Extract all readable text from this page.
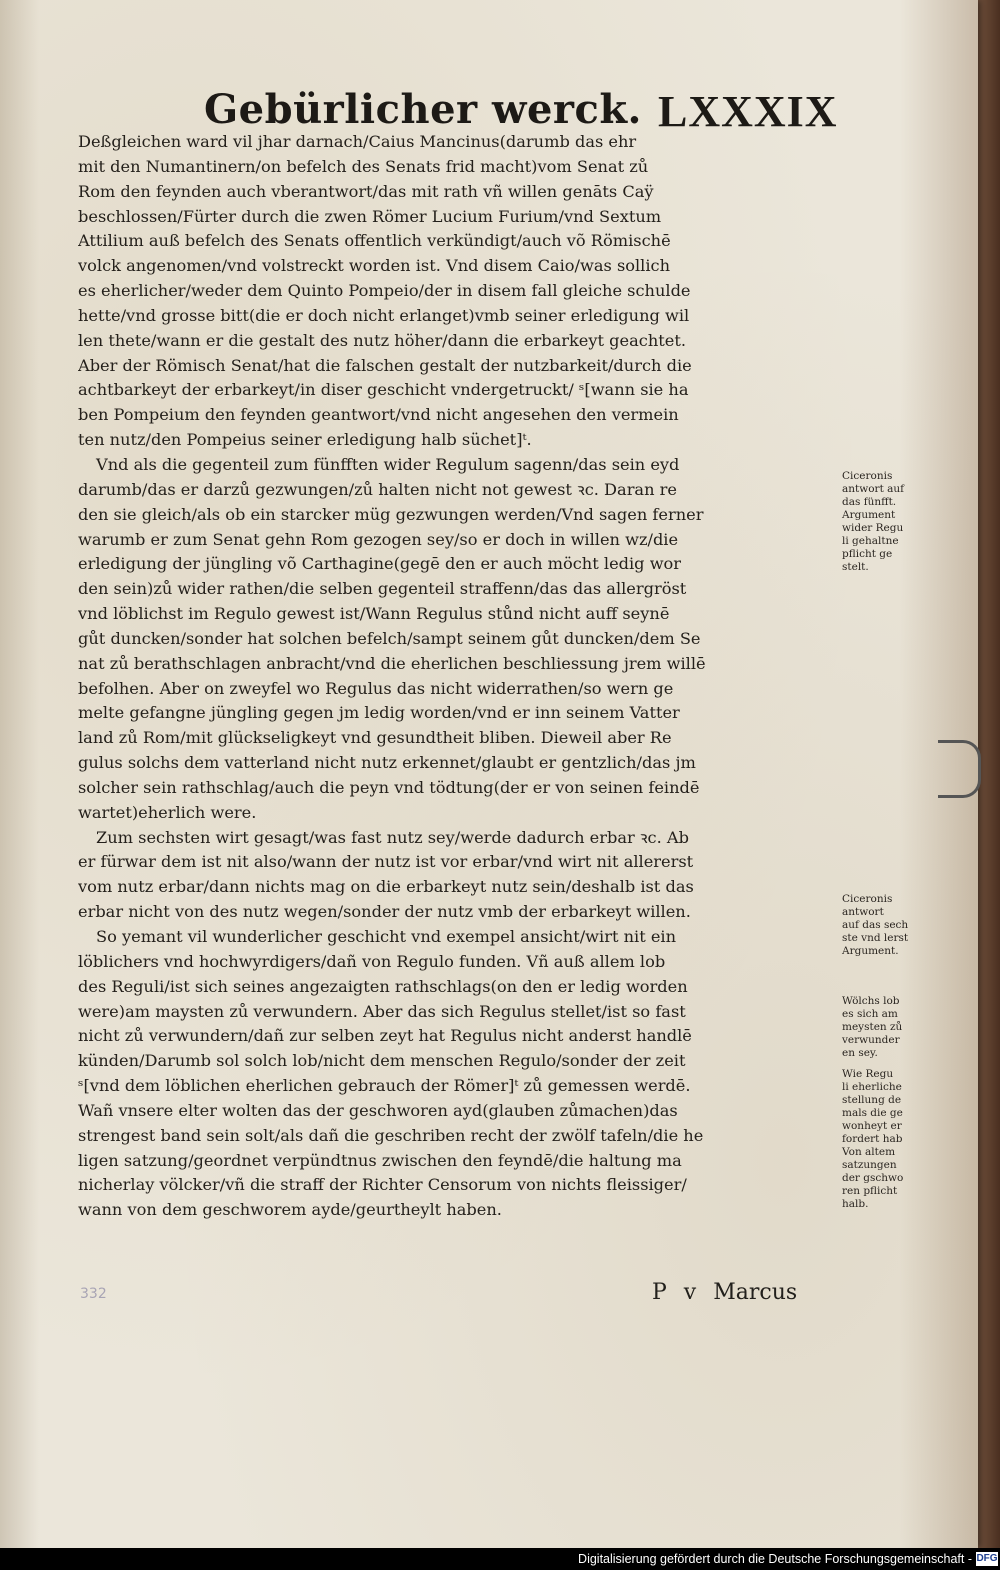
Gebürlicher werck. LXXXIX
Deßgleichen ward vil jhar darnach/Caius Mancinus(darumb das ehr
mit den Numantinern/on befelch des Senats frid macht)vom Senat zů
Rom den feynden auch vberantwort/das mit rath vñ willen genāts Caÿ
beschlossen/Fürter durch die zwen Römer Lucium Furium/vnd Sextum
Attilium auß befelch des Senats offentlich verkündigt/auch võ Römischē
volck angenomen/vnd volstreckt worden ist. Vnd disem Caio/was sollich
es eherlicher/weder dem Quinto Pompeio/der in disem fall gleiche schulde
hette/vnd grosse bitt(die er doch nicht erlanget)vmb seiner erledigung wil
len thete/wann er die gestalt des nutz höher/dann die erbarkeyt geachtet.
Aber der Römisch Senat/hat die falschen gestalt der nutzbarkeit/durch die
achtbarkeyt der erbarkeyt/in diser geschicht vndergetruckt/ ˢ[wann sie ha
ben Pompeium den feynden geantwort/vnd nicht angesehen den vermein
ten nutz/den Pompeius seiner erledigung halb süchet]ᵗ.
Vnd als die gegenteil zum fünfften wider Regulum sagenn/das sein eyd
darumb/das er darzů gezwungen/zů halten nicht not gewest ꝛc. Daran re
den sie gleich/als ob ein starcker müg gezwungen werden/Vnd sagen ferner
warumb er zum Senat gehn Rom gezogen sey/so er doch in willen wz/die
erledigung der jüngling võ Carthagine(gegē den er auch möcht ledig wor
den sein)zů wider rathen/die selben gegenteil straffenn/das das allergröst
vnd löblichst im Regulo gewest ist/Wann Regulus stůnd nicht auff seynē
gůt duncken/sonder hat solchen befelch/sampt seinem gůt duncken/dem Se
nat zů berathschlagen anbracht/vnd die eherlichen beschliessung jrem willē
befolhen. Aber on zweyfel wo Regulus das nicht widerrathen/so wern ge
melte gefangne jüngling gegen jm ledig worden/vnd er inn seinem Vatter
land zů Rom/mit glückseligkeyt vnd gesundtheit bliben. Dieweil aber Re
gulus solchs dem vatterland nicht nutz erkennet/glaubt er gentzlich/das jm
solcher sein rathschlag/auch die peyn vnd tödtung(der er von seinen feindē
wartet)eherlich were.
Zum sechsten wirt gesagt/was fast nutz sey/werde dadurch erbar ꝛc. Ab
er fürwar dem ist nit also/wann der nutz ist vor erbar/vnd wirt nit allererst
vom nutz erbar/dann nichts mag on die erbarkeyt nutz sein/deshalb ist das
erbar nicht von des nutz wegen/sonder der nutz vmb der erbarkeyt willen.
So yemant vil wunderlicher geschicht vnd exempel ansicht/wirt nit ein
löblichers vnd hochwyrdigers/dañ von Regulo funden. Vñ auß allem lob
des Reguli/ist sich seines angezaigten rathschlags(on den er ledig worden
were)am maysten zů verwundern. Aber das sich Regulus stellet/ist so fast
nicht zů verwundern/dañ zur selben zeyt hat Regulus nicht anderst handlē
künden/Darumb sol solch lob/nicht dem menschen Regulo/sonder der zeit
ˢ[vnd dem löblichen eherlichen gebrauch der Römer]ᵗ zů gemessen werdē.
Wañ vnsere elter wolten das der geschworen ayd(glauben zůmachen)das
strengest band sein solt/als dañ die geschriben recht der zwölf tafeln/die he
ligen satzung/geordnet verpündtnus zwischen den feyndē/die haltung ma
nicherlay völcker/vñ die straff der Richter Censorum von nichts fleissiger/
wann von dem geschworem ayde/geurtheylt haben.
Ciceronis
antwort auf
das fünfft.
Argument
wider Regu
li gehaltne
pflicht ge
stelt.
Ciceronis
antwort
auf das sech
ste vnd lerst
Argument.
Wölchs lob
es sich am
meysten zů
verwunder
en sey.
Wie Regu
li eherliche
stellung de
mals die ge
wonheyt er
fordert hab
Von altem
satzungen
der gschwo
ren pflicht
halb.
332	P v Marcus
Digitalisierung gefördert durch die Deutsche Forschungsgemeinschaft - DFG
